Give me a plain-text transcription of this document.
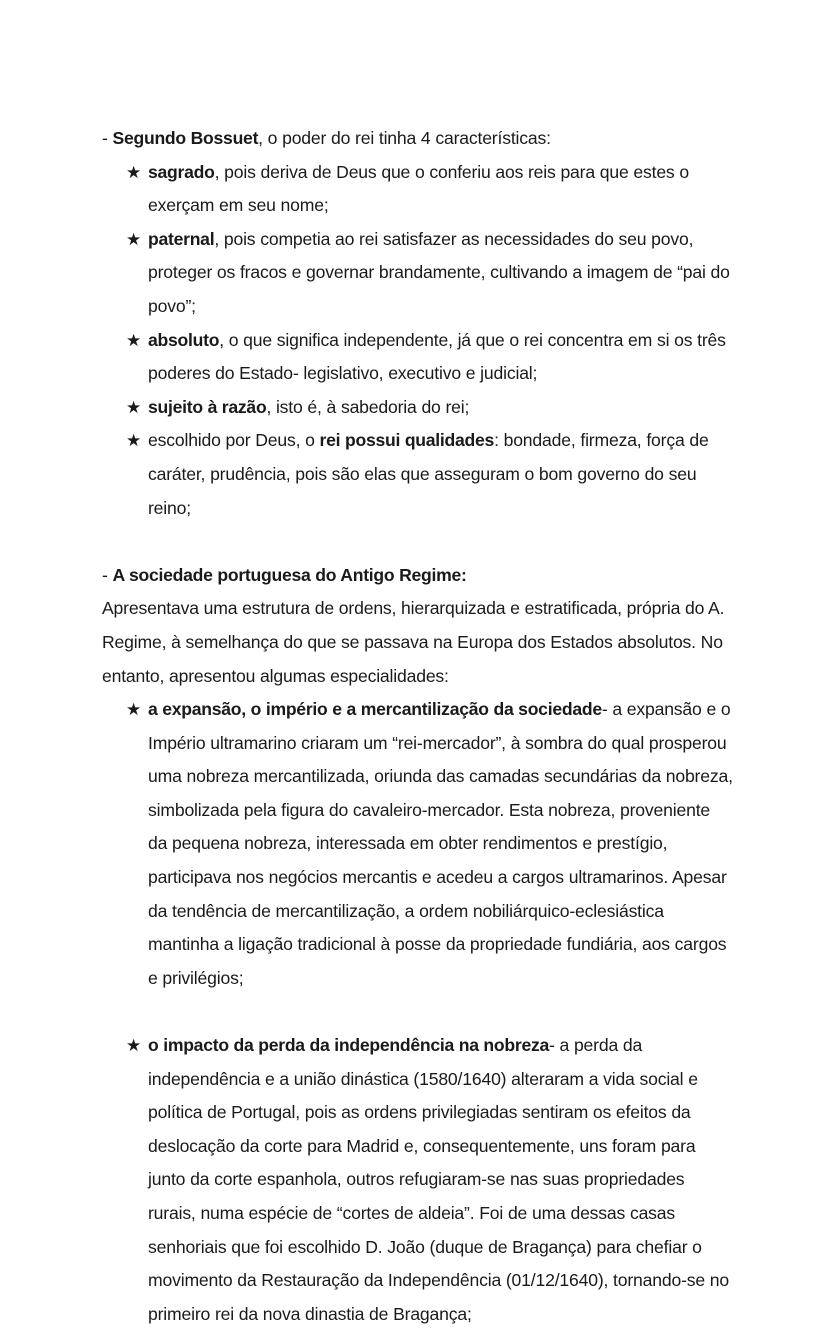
- Segundo Bossuet, o poder do rei tinha 4 características:

★ sagrado, pois deriva de Deus que o conferiu aos reis para que estes o exerçam em seu nome;
★ paternal, pois competia ao rei satisfazer as necessidades do seu povo, proteger os fracos e governar brandamente, cultivando a imagem de “pai do povo”;
★ absoluto, o que significa independente, já que o rei concentra em si os três poderes do Estado- legislativo, executivo e judicial;
★ sujeito à razão, isto é, à sabedoria do rei;
★ escolhido por Deus, o rei possui qualidades: bondade, firmeza, força de caráter, prudência, pois são elas que asseguram o bom governo do seu reino;

- A sociedade portuguesa do Antigo Regime:

Apresentava uma estrutura de ordens, hierarquizada e estratificada, própria do A. Regime, à semelhança do que se passava na Europa dos Estados absolutos. No entanto, apresentou algumas especialidades:

★ a expansão, o império e a mercantilização da sociedade- a expansão e o Império ultramarino criaram um “rei-mercador”, à sombra do qual prosperou uma nobreza mercantilizada, oriunda das camadas secundárias da nobreza, simbolizada pela figura do cavaleiro-mercador. Esta nobreza, proveniente da pequena nobreza, interessada em obter rendimentos e prestígio, participava nos negócios mercantis e acedeu a cargos ultramarinos. Apesar da tendência de mercantilização, a ordem nobiliárquico-eclesiástica mantinha a ligação tradicional à posse da propriedade fundiária, aos cargos e privilégios;
★ o impacto da perda da independência na nobreza- a perda da independência e a união dinástica (1580/1640) alteraram a vida social e política de Portugal, pois as ordens privilegiadas sentiram os efeitos da deslocação da corte para Madrid e, consequentemente, uns foram para junto da corte espanhola, outros refugiaram-se nas suas propriedades rurais, numa espécie de “cortes de aldeia”. Foi de uma dessas casas senhoriais que foi escolhido D. João (duque de Bragança) para chefiar o movimento da Restauração da Independência (01/12/1640), tornando-se no primeiro rei da nova dinastia de Bragança;
